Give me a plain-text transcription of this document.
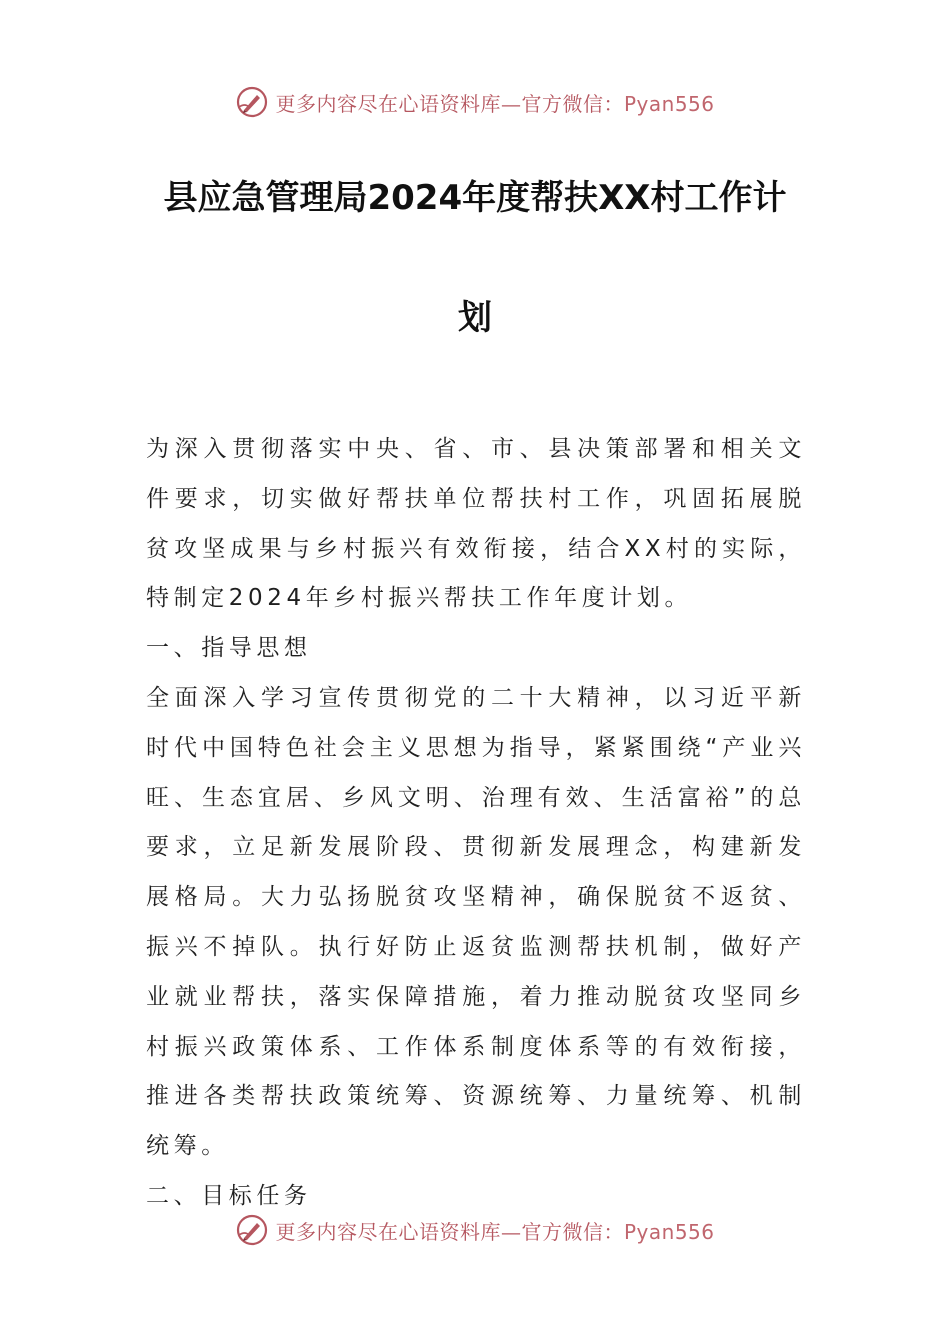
更多内容尽在心语资料库—官方微信：Pyan556
县应急管理局2024年度帮扶XX村工作计
划

为深入贯彻落实中央、省、市、县决策部署和相关文件要求，切实做好帮扶单位帮扶村工作，巩固拓展脱贫攻坚成果与乡村振兴有效衔接，结合XX村的实际，特制定2024年乡村振兴帮扶工作年度计划。

一、指导思想

全面深入学习宣传贯彻党的二十大精神，以习近平新时代中国特色社会主义思想为指导，紧紧围绕“产业兴旺、生态宜居、乡风文明、治理有效、生活富裕”的总要求，立足新发展阶段、贯彻新发展理念，构建新发展格局。大力弘扬脱贫攻坚精神，确保脱贫不返贫、振兴不掉队。执行好防止返贫监测帮扶机制，做好产业就业帮扶，落实保障措施，着力推动脱贫攻坚同乡村振兴政策体系、工作体系制度体系等的有效衔接，推进各类帮扶政策统筹、资源统筹、力量统筹、机制统筹。

二、目标任务

更多内容尽在心语资料库—官方微信：Pyan556
